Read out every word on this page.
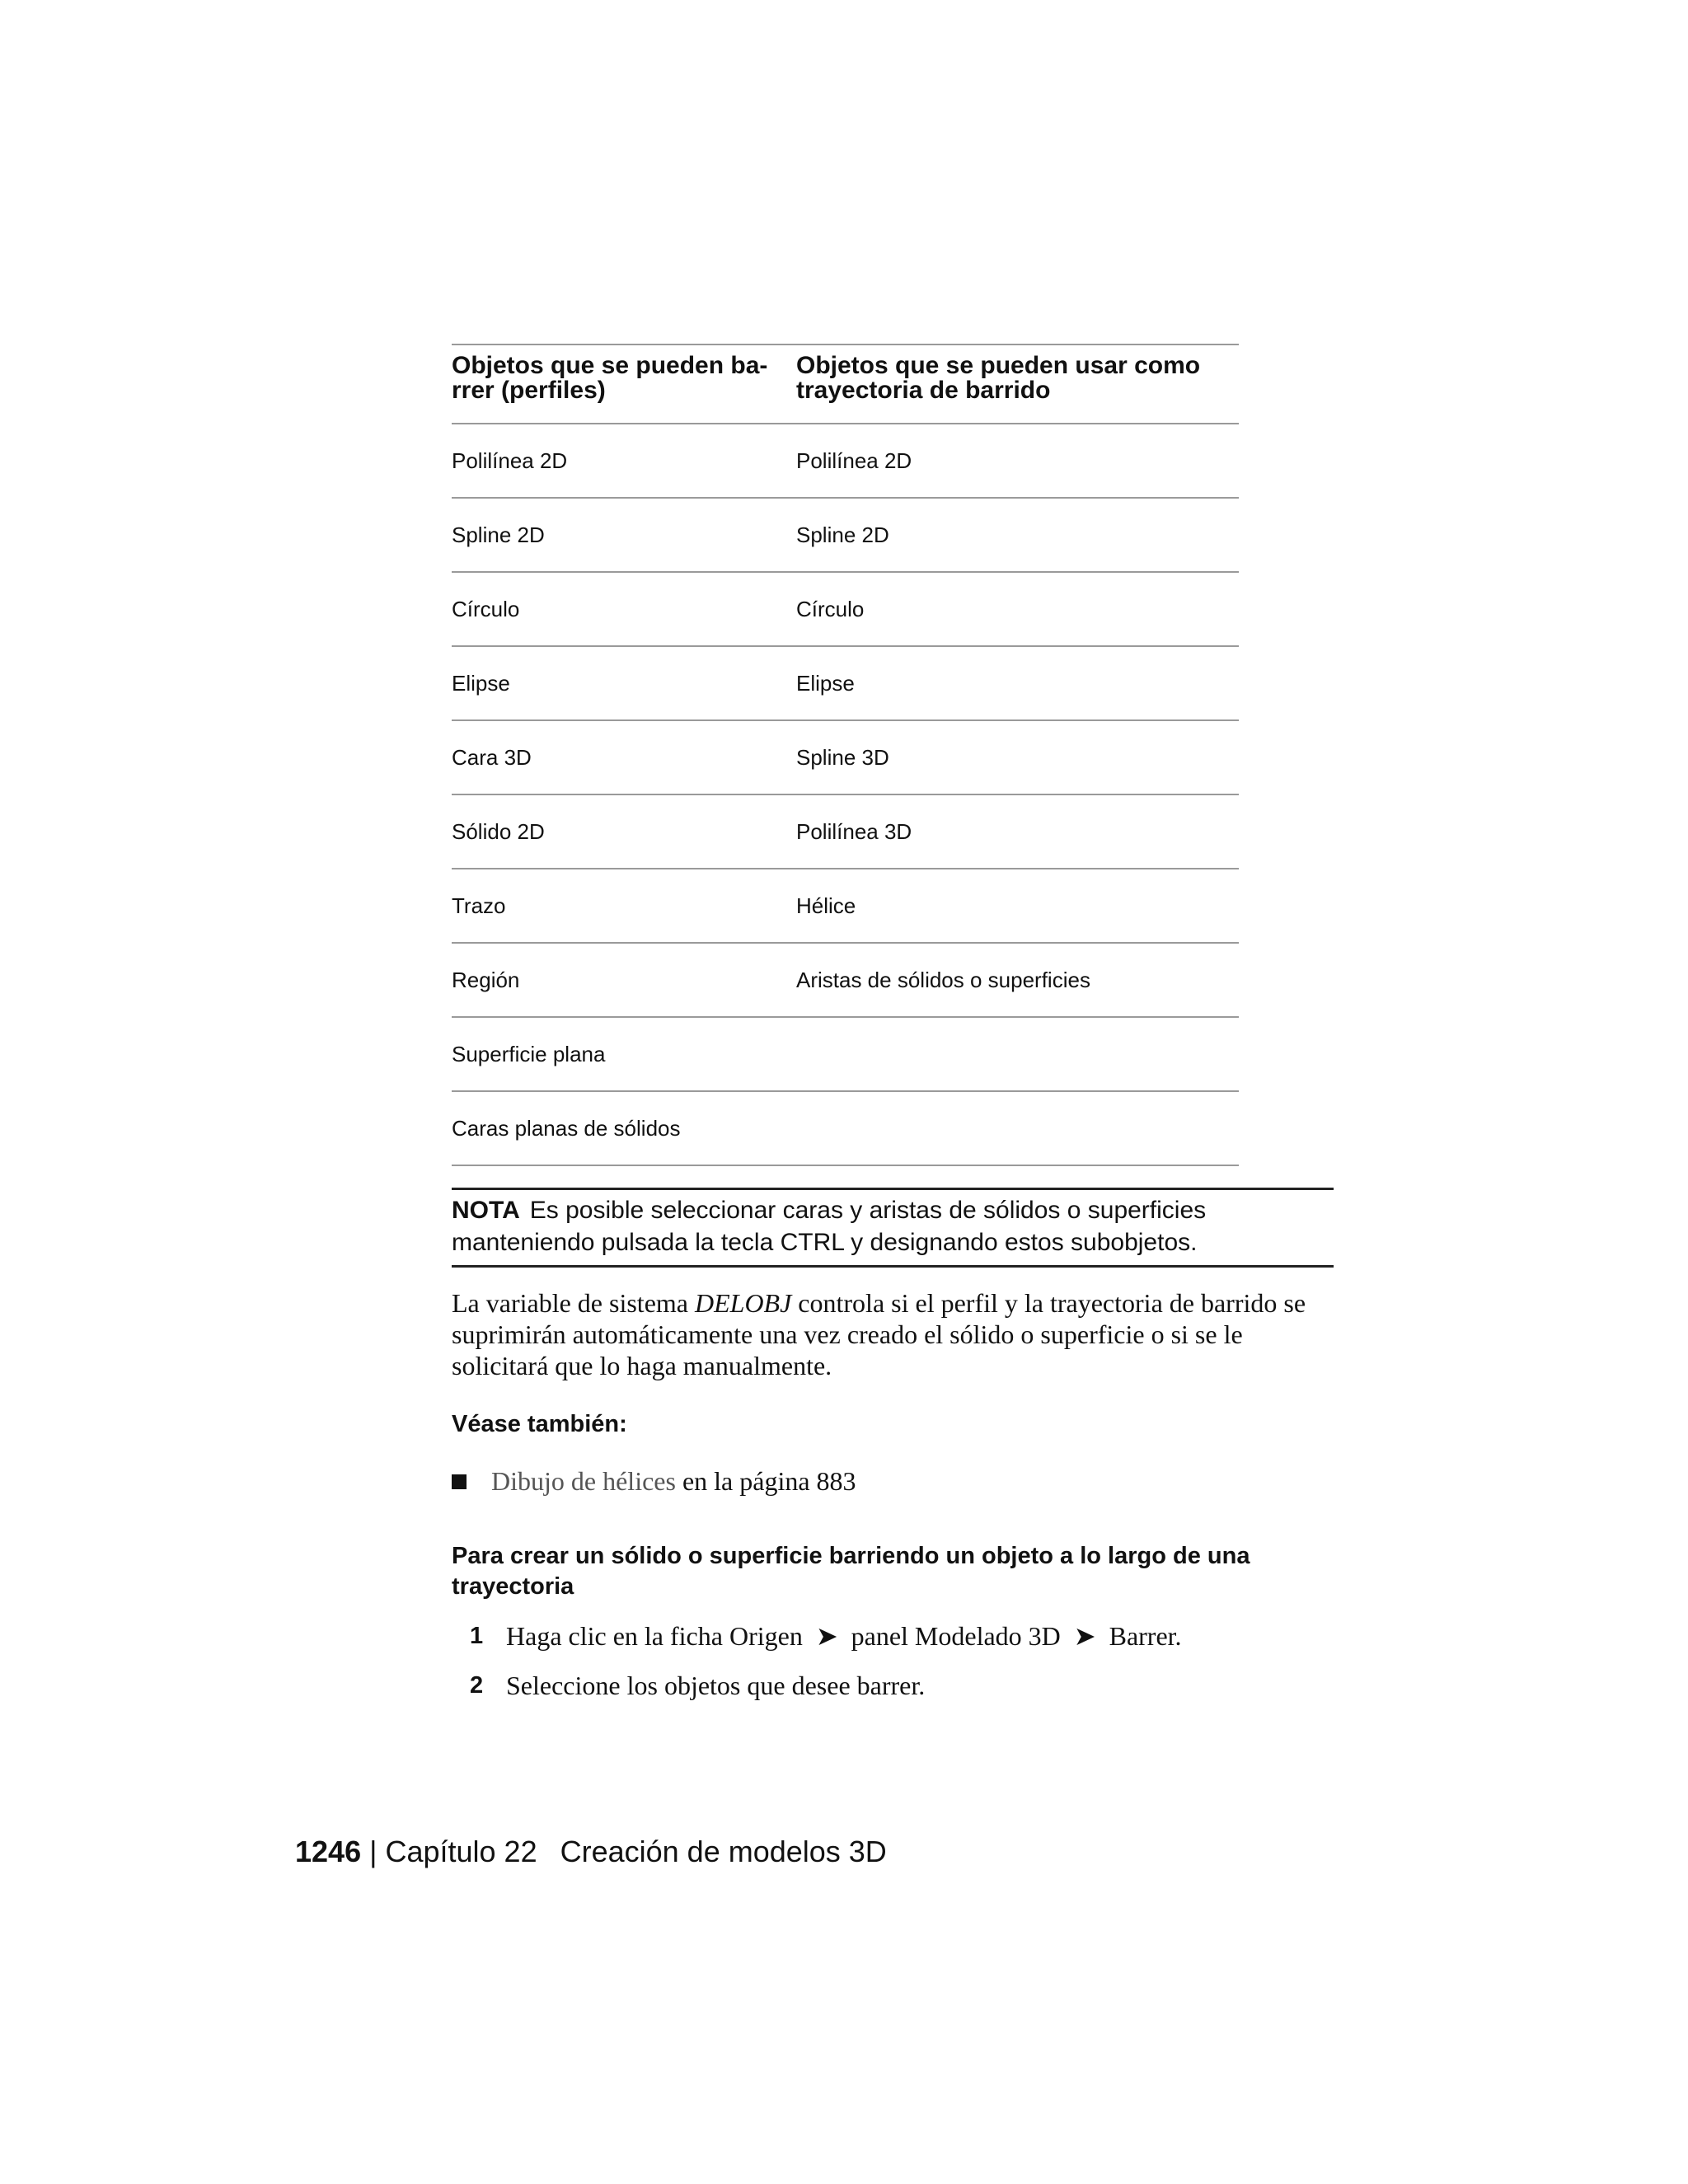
Objetos que se pueden ba-
rrer (perfiles)	Objetos que se pueden usar como
trayectoria de barrido
Polilínea 2D	Polilínea 2D
Spline 2D	Spline 2D
Círculo	Círculo
Elipse	Elipse
Cara 3D	Spline 3D
Sólido 2D	Polilínea 3D
Trazo	Hélice
Región	Aristas de sólidos o superficies
Superficie plana	
Caras planas de sólidos	
NOTA Es posible seleccionar caras y aristas de sólidos o superficies manteniendo pulsada la tecla CTRL y designando estos subobjetos.

La variable de sistema DELOBJ controla si el perfil y la trayectoria de barrido se suprimirán automáticamente una vez creado el sólido o superficie o si se le solicitará que lo haga manualmente.

Véase también:
Dibujo de hélices en la página 883
Para crear un sólido o superficie barriendo un objeto a lo largo de una trayectoria
1 Haga clic en la ficha Origen ➤ panel Modelado 3D ➤ Barrer.
2 Seleccione los objetos que desee barrer.
1246 | Capítulo 22 Creación de modelos 3D
